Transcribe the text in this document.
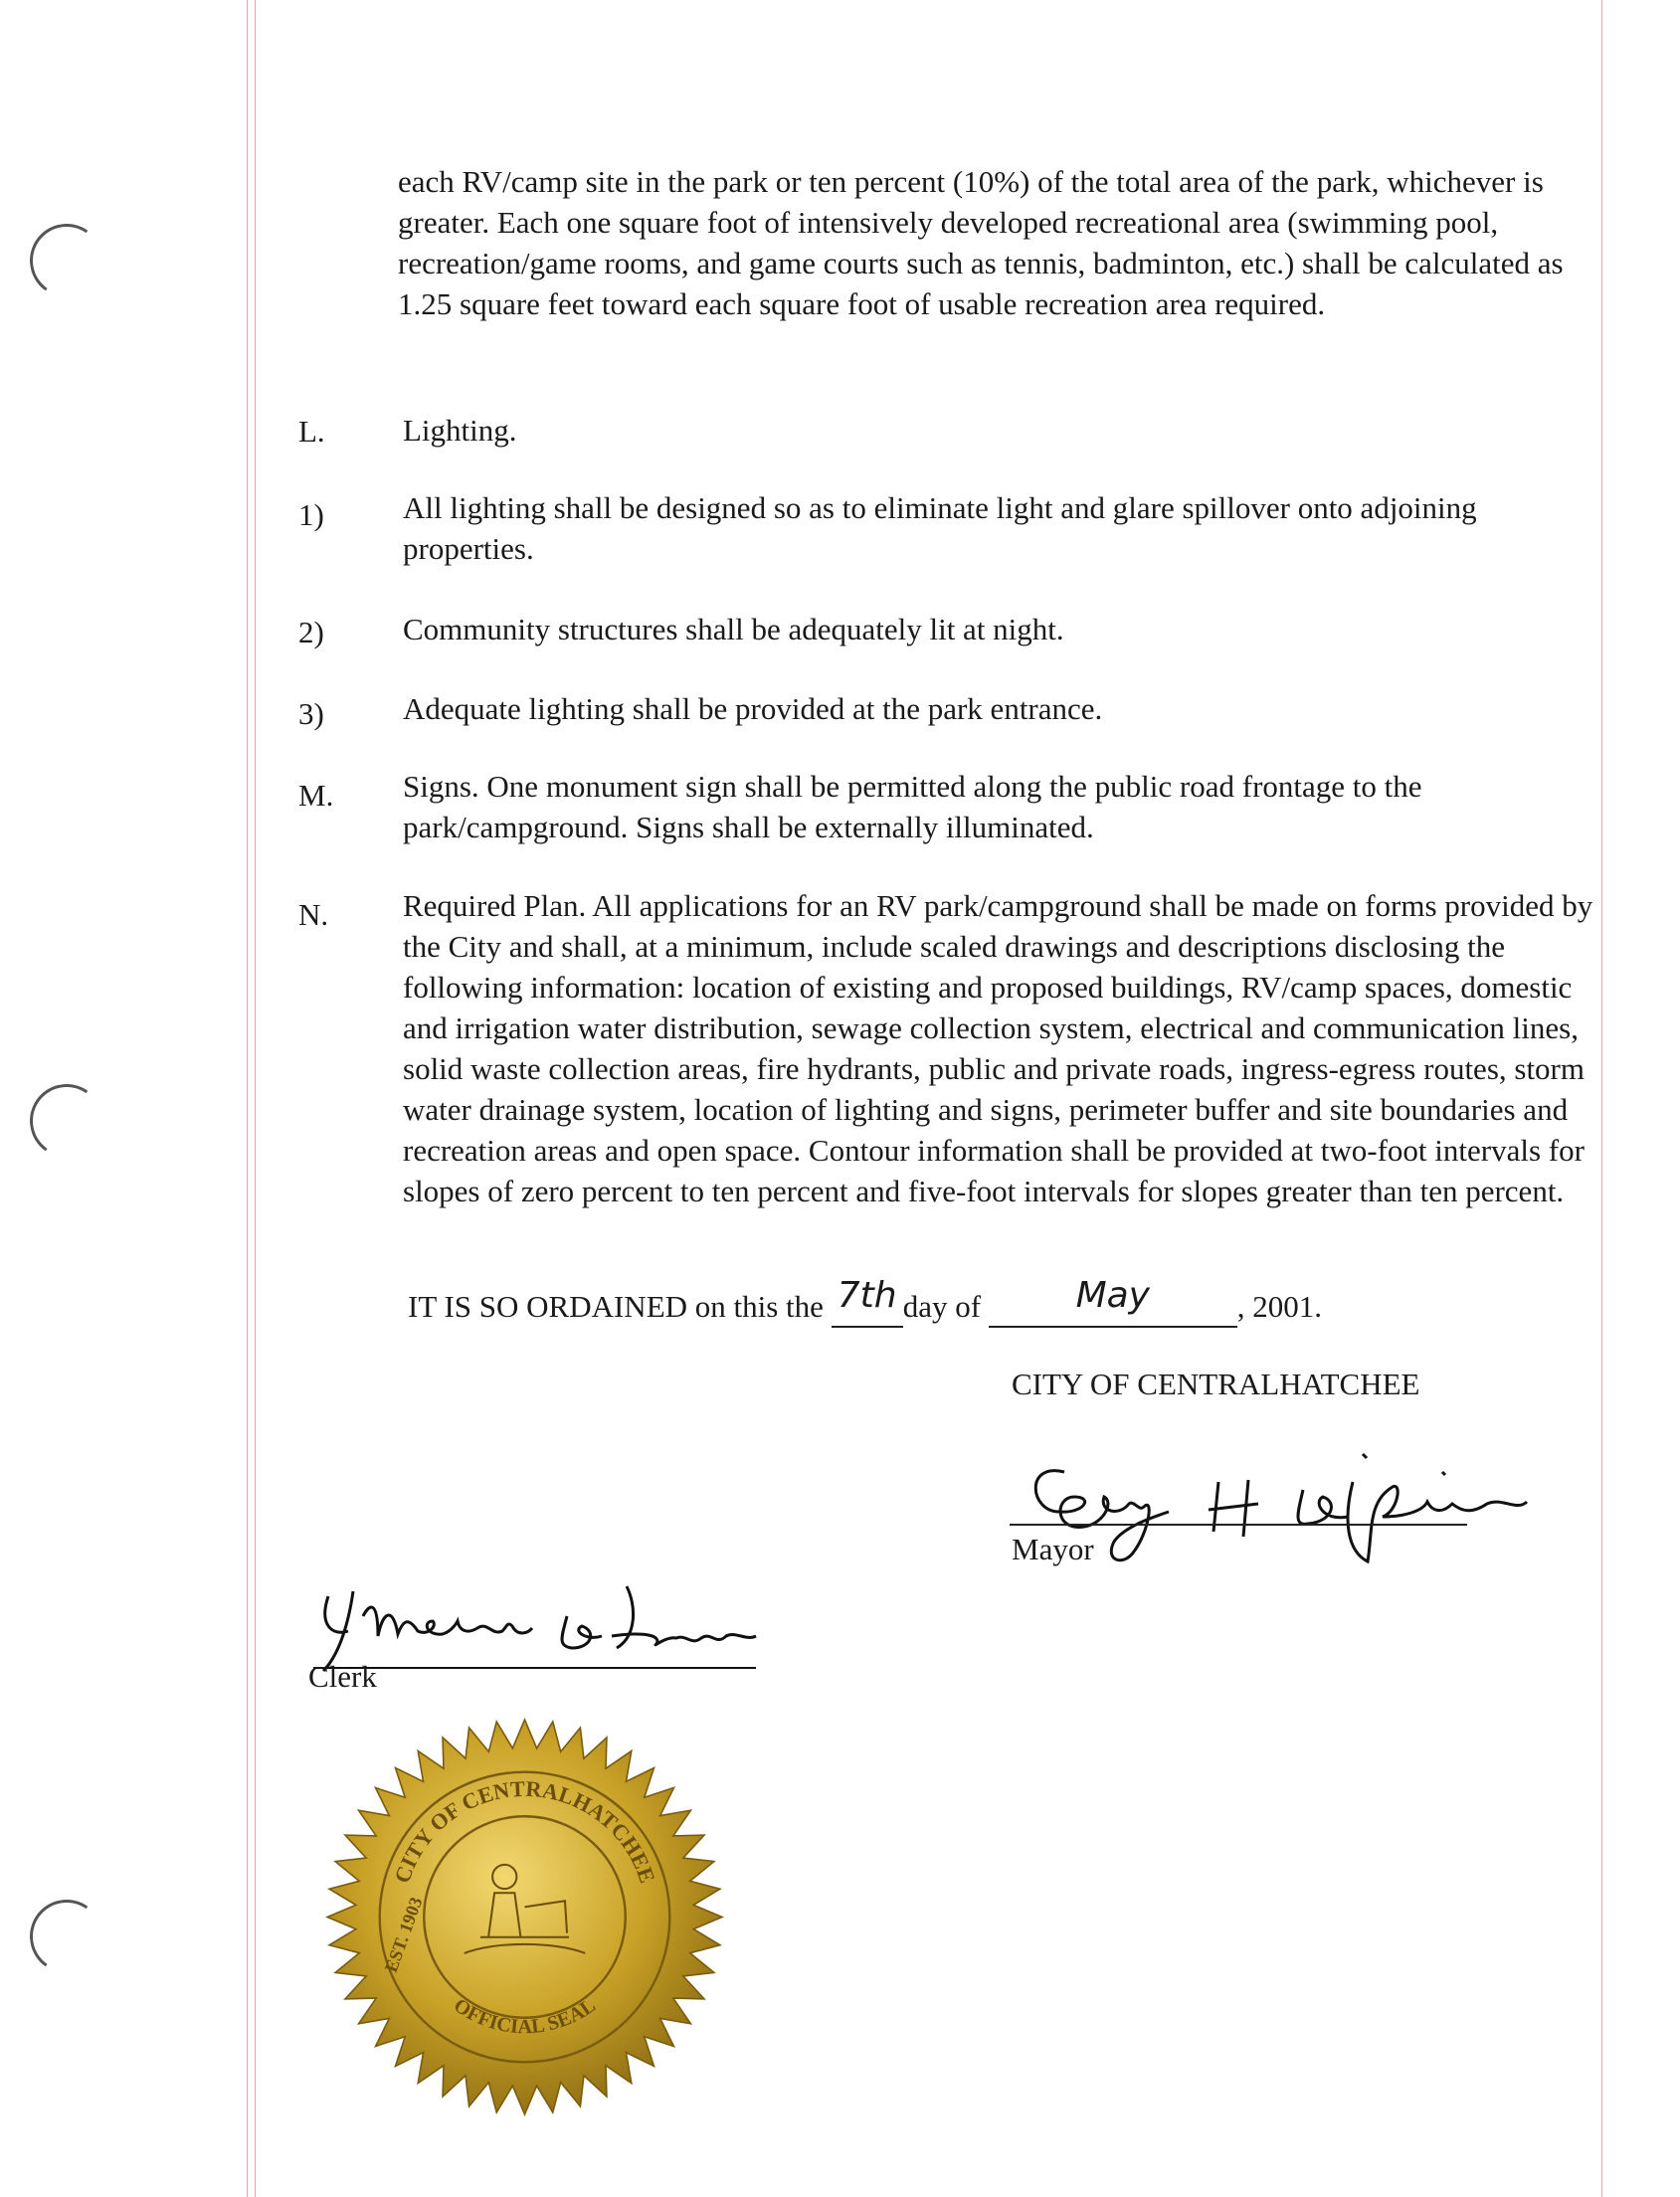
each RV/camp site in the park or ten percent (10%) of the total area of the park, whichever is greater. Each one square foot of intensively developed recreational area (swimming pool, recreation/game rooms, and game courts such as tennis, badminton, etc.) shall be calculated as 1.25 square feet toward each square foot of usable recreation area required.
L.	Lighting.
1)	All lighting shall be designed so as to eliminate light and glare spillover onto adjoining properties.
2)	Community structures shall be adequately lit at night.
3)	Adequate lighting shall be provided at the park entrance.
M. Signs. One monument sign shall be permitted along the public road frontage to the park/campground. Signs shall be externally illuminated.
N. Required Plan. All applications for an RV park/campground shall be made on forms provided by the City and shall, at a minimum, include scaled drawings and descriptions disclosing the following information: location of existing and proposed buildings, RV/camp spaces, domestic and irrigation water distribution, sewage collection system, electrical and communication lines, solid waste collection areas, fire hydrants, public and private roads, ingress-egress routes, storm water drainage system, location of lighting and signs, perimeter buffer and site boundaries and recreation areas and open space. Contour information shall be provided at two-foot intervals for slopes of zero percent to ten percent and five-foot intervals for slopes greater than ten percent.
IT IS SO ORDAINED on this the 7th day of	May	, 2001.
CITY OF CENTRALHATCHEE
Mayor
Clerk
CITY OF CENTRALHATCHEE
OFFICIAL SEAL
EST. 1903
